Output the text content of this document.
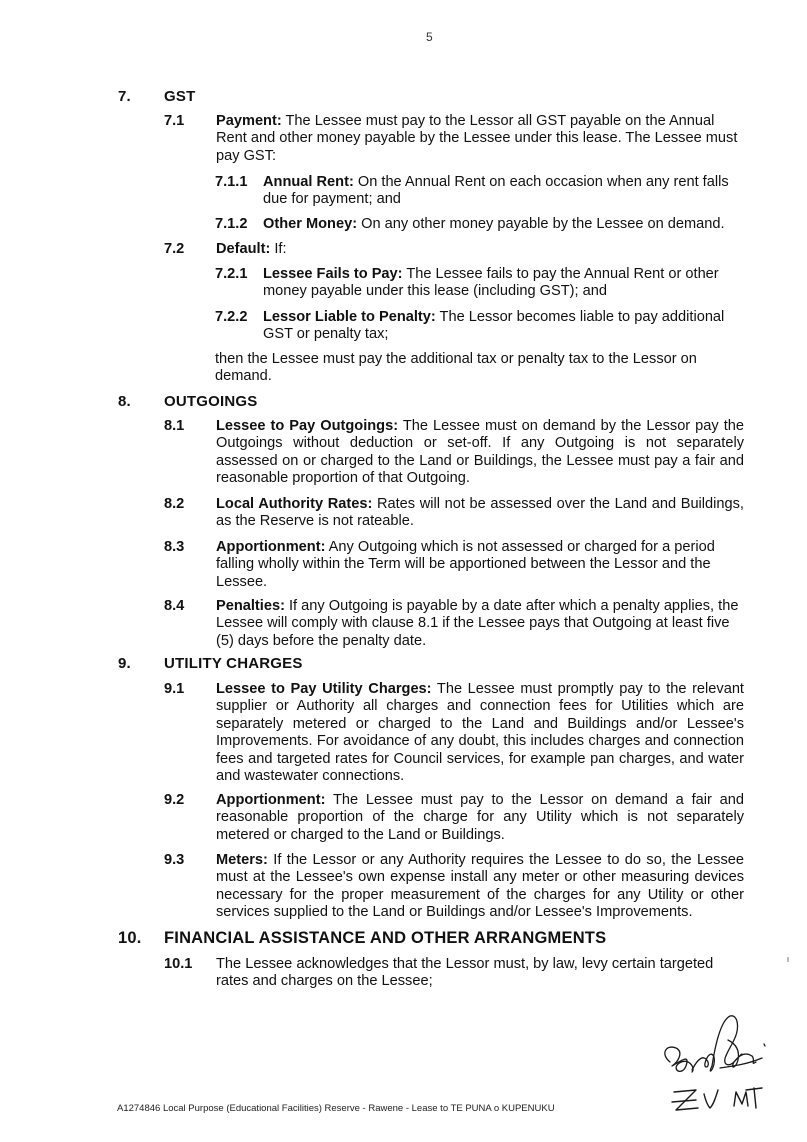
5
7. GST
7.1 Payment: The Lessee must pay to the Lessor all GST payable on the Annual Rent and other money payable by the Lessee under this lease. The Lessee must pay GST:
7.1.1 Annual Rent: On the Annual Rent on each occasion when any rent falls due for payment; and
7.1.2 Other Money: On any other money payable by the Lessee on demand.
7.2 Default: If:
7.2.1 Lessee Fails to Pay: The Lessee fails to pay the Annual Rent or other money payable under this lease (including GST); and
7.2.2 Lessor Liable to Penalty: The Lessor becomes liable to pay additional GST or penalty tax;
then the Lessee must pay the additional tax or penalty tax to the Lessor on demand.
8. OUTGOINGS
8.1 Lessee to Pay Outgoings: The Lessee must on demand by the Lessor pay the Outgoings without deduction or set-off. If any Outgoing is not separately assessed on or charged to the Land or Buildings, the Lessee must pay a fair and reasonable proportion of that Outgoing.
8.2 Local Authority Rates: Rates will not be assessed over the Land and Buildings, as the Reserve is not rateable.
8.3 Apportionment: Any Outgoing which is not assessed or charged for a period falling wholly within the Term will be apportioned between the Lessor and the Lessee.
8.4 Penalties: If any Outgoing is payable by a date after which a penalty applies, the Lessee will comply with clause 8.1 if the Lessee pays that Outgoing at least five (5) days before the penalty date.
9. UTILITY CHARGES
9.1 Lessee to Pay Utility Charges: The Lessee must promptly pay to the relevant supplier or Authority all charges and connection fees for Utilities which are separately metered or charged to the Land and Buildings and/or Lessee's Improvements. For avoidance of any doubt, this includes charges and connection fees and targeted rates for Council services, for example pan charges, and water and wastewater connections.
9.2 Apportionment: The Lessee must pay to the Lessor on demand a fair and reasonable proportion of the charge for any Utility which is not separately metered or charged to the Land or Buildings.
9.3 Meters: If the Lessor or any Authority requires the Lessee to do so, the Lessee must at the Lessee's own expense install any meter or other measuring devices necessary for the proper measurement of the charges for any Utility or other services supplied to the Land or Buildings and/or Lessee's Improvements.
10. FINANCIAL ASSISTANCE AND OTHER ARRANGMENTS
10.1 The Lessee acknowledges that the Lessor must, by law, levy certain targeted rates and charges on the Lessee;
A1274846 Local Purpose (Educational Facilities) Reserve - Rawene - Lease to TE PUNA o KUPENUKU
